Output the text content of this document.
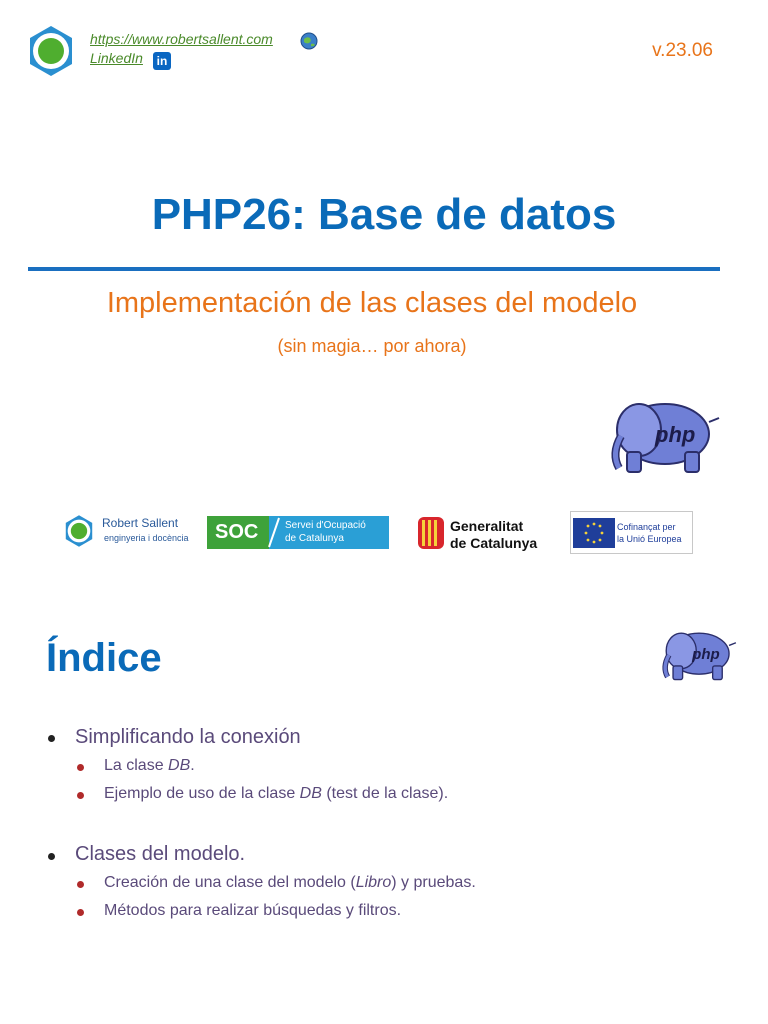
https://www.robertsallent.com
LinkedIn	in	v.23.06
PHP26: Base de datos
Implementación de las clases del modelo
(sin magia… por ahora)
php
Robert Sallent
enginyeria i docència SOC	Servei d'Ocupació
de Catalunya
Generalitat
de Catalunya
Cofinançat per
la Unió Europea
Índice	php
Simplificando la conexión
La clase DB.
Ejemplo de uso de la clase DB (test de la clase).
Clases del modelo.
Creación de una clase del modelo (Libro) y pruebas.
Métodos para realizar búsquedas y filtros.
